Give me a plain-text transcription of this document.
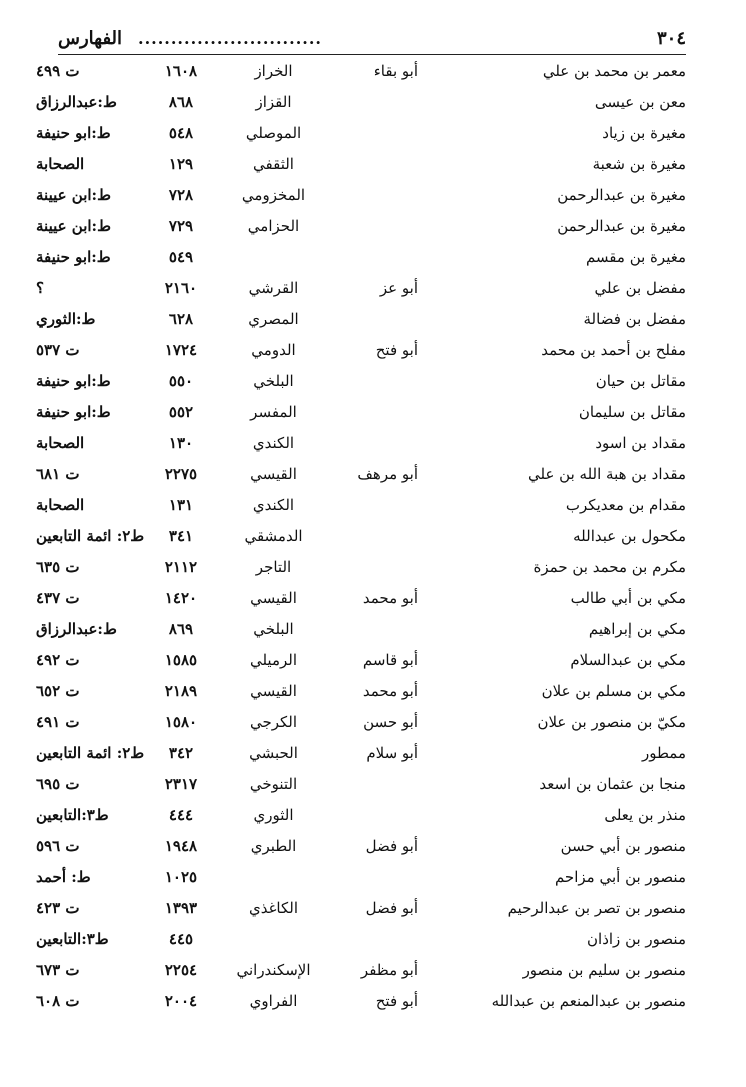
٣٠٤
............................
الفهارس
معمر بن محمد بن علي
أبو بقاء
الخراز
١٦٠٨
ت ٤٩٩
معن بن عيسى
القزاز
٨٦٨
ط:عبدالرزاق
مغيرة بن زياد
الموصلي
٥٤٨
ط:ابو حنيفة
مغيرة بن شعبة
الثقفي
١٢٩
الصحابة
مغيرة بن عبدالرحمن
المخزومي
٧٢٨
ط:ابن عيينة
مغيرة بن عبدالرحمن
الحزامي
٧٢٩
ط:ابن عيينة
مغيرة بن مقسم
٥٤٩
ط:ابو حنيفة
مفضل بن علي
أبو عز
القرشي
٢١٦٠
؟
مفضل بن فضالة
المصري
٦٢٨
ط:الثوري
مفلح بن أحمد بن محمد
أبو فتح
الدومي
١٧٢٤
ت ٥٣٧
مقاتل بن حيان
البلخي
٥٥٠
ط:ابو حنيفة
مقاتل بن سليمان
المفسر
٥٥٢
ط:ابو حنيفة
مقداد بن اسود
الكندي
١٣٠
الصحابة
مقداد بن هبة الله بن علي
أبو مرهف
القيسي
٢٢٧٥
ت ٦٨١
مقدام بن معديكرب
الكندي
١٣١
الصحابة
مكحول بن عبدالله
الدمشقي
٣٤١
ط٢: ائمة التابعين
مكرم بن محمد بن حمزة
التاجر
٢١١٢
ت ٦٣٥
مكي بن أبي طالب
أبو محمد
القيسي
١٤٢٠
ت ٤٣٧
مكي بن إبراهيم
البلخي
٨٦٩
ط:عبدالرزاق
مكي بن عبدالسلام
أبو قاسم
الرميلي
١٥٨٥
ت ٤٩٢
مكي بن مسلم بن علان
أبو محمد
القيسي
٢١٨٩
ت ٦٥٢
مكيّ بن منصور بن علان
أبو حسن
الكرجي
١٥٨٠
ت ٤٩١
ممطور
أبو سلام
الحبشي
٣٤٢
ط٢: ائمة التابعين
منجا بن عثمان بن اسعد
التنوخي
٢٣١٧
ت ٦٩٥
منذر بن يعلى
الثوري
٤٤٤
ط٣:التابعين
منصور بن أبي حسن
أبو فضل
الطبري
١٩٤٨
ت ٥٩٦
منصور بن أبي مزاحم
١٠٢٥
ط: أحمد
منصور بن تصر بن عبدالرحيم
أبو فضل
الكاغذي
١٣٩٣
ت ٤٢٣
منصور بن زاذان
٤٤٥
ط٣:التابعين
منصور بن سليم بن منصور
أبو مظفر
الإسكندراني
٢٢٥٤
ت ٦٧٣
منصور بن عبدالمنعم بن عبدالله
أبو فتح
الفراوي
٢٠٠٤
ت ٦٠٨
